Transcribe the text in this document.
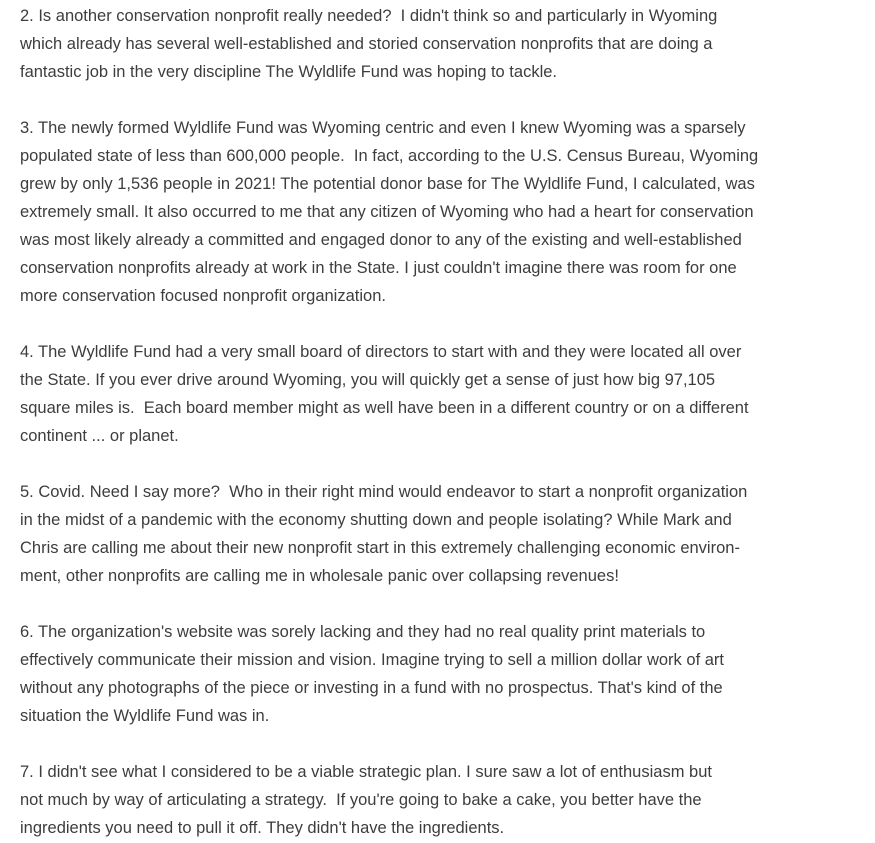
2. Is another conservation nonprofit really needed?  I didn't think so and particularly in Wyoming
which already has several well-established and storied conservation nonprofits that are doing a
fantastic job in the very discipline The Wyldlife Fund was hoping to tackle.
3. The newly formed Wyldlife Fund was Wyoming centric and even I knew Wyoming was a sparsely
populated state of less than 600,000 people.  In fact, according to the U.S. Census Bureau, Wyoming
grew by only 1,536 people in 2021! The potential donor base for The Wyldlife Fund, I calculated, was
extremely small. It also occurred to me that any citizen of Wyoming who had a heart for conservation
was most likely already a committed and engaged donor to any of the existing and well-established
conservation nonprofits already at work in the State. I just couldn't imagine there was room for one
more conservation focused nonprofit organization.
4. The Wyldlife Fund had a very small board of directors to start with and they were located all over
the State. If you ever drive around Wyoming, you will quickly get a sense of just how big 97,105
square miles is.  Each board member might as well have been in a different country or on a different
continent ... or planet.
5. Covid. Need I say more?  Who in their right mind would endeavor to start a nonprofit organization
in the midst of a pandemic with the economy shutting down and people isolating? While Mark and
Chris are calling me about their new nonprofit start in this extremely challenging economic environ-
ment, other nonprofits are calling me in wholesale panic over collapsing revenues!
6. The organization's website was sorely lacking and they had no real quality print materials to
effectively communicate their mission and vision. Imagine trying to sell a million dollar work of art
without any photographs of the piece or investing in a fund with no prospectus. That's kind of the
situation the Wyldlife Fund was in.
7. I didn't see what I considered to be a viable strategic plan. I sure saw a lot of enthusiasm but
not much by way of articulating a strategy.  If you're going to bake a cake, you better have the
ingredients you need to pull it off. They didn't have the ingredients.
